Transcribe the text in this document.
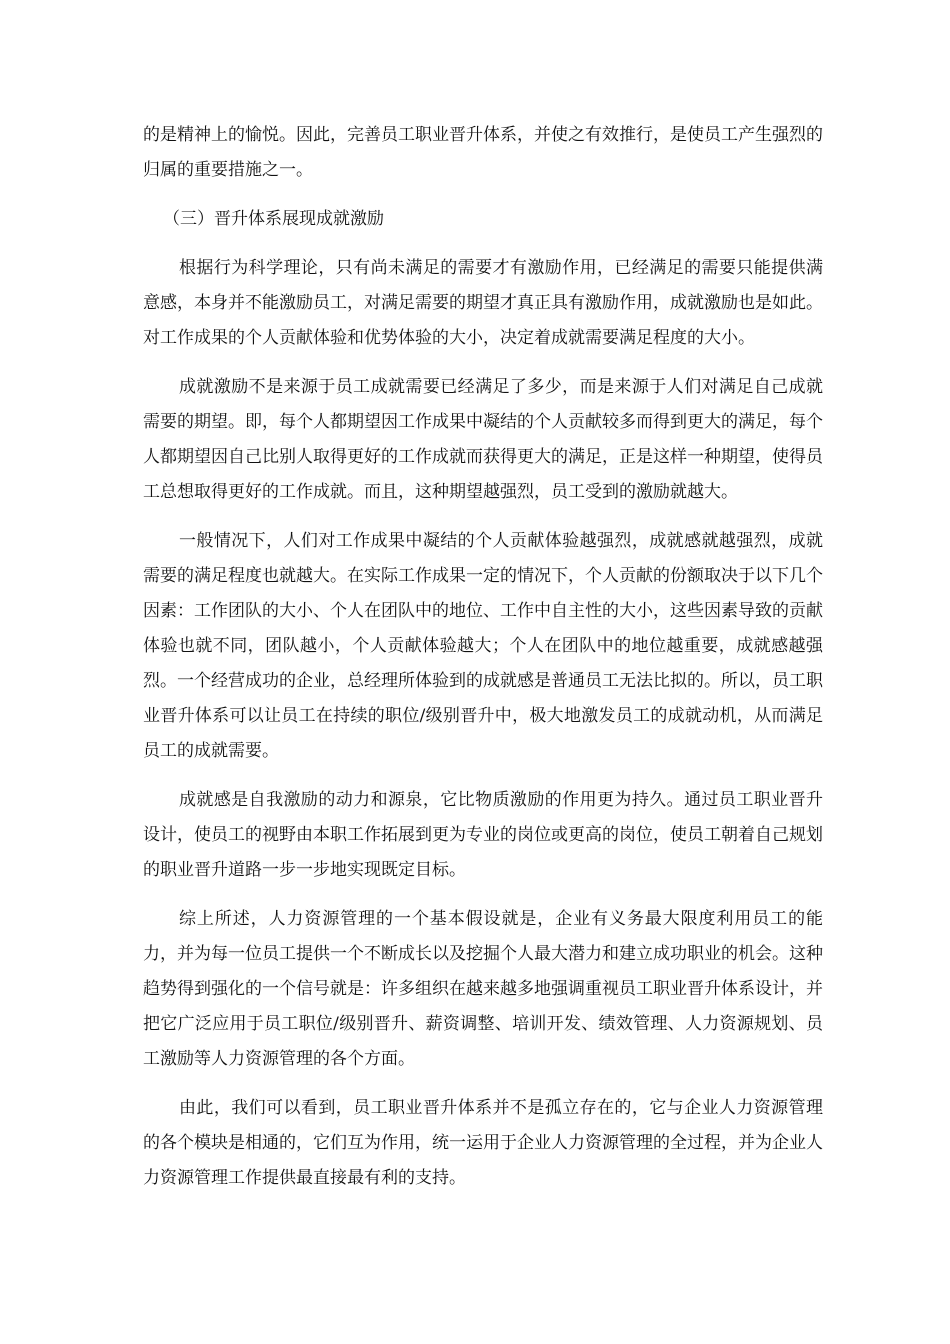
的是精神上的愉悦。因此，完善员工职业晋升体系，并使之有效推行，是使员工产生强烈的归属的重要措施之一。

（三）晋升体系展现成就激励

根据行为科学理论，只有尚未满足的需要才有激励作用，已经满足的需要只能提供满意感，本身并不能激励员工，对满足需要的期望才真正具有激励作用，成就激励也是如此。对工作成果的个人贡献体验和优势体验的大小，决定着成就需要满足程度的大小。

成就激励不是来源于员工成就需要已经满足了多少，而是来源于人们对满足自己成就需要的期望。即，每个人都期望因工作成果中凝结的个人贡献较多而得到更大的满足，每个人都期望因自己比别人取得更好的工作成就而获得更大的满足，正是这样一种期望，使得员工总想取得更好的工作成就。而且，这种期望越强烈，员工受到的激励就越大。

一般情况下，人们对工作成果中凝结的个人贡献体验越强烈，成就感就越强烈，成就需要的满足程度也就越大。在实际工作成果一定的情况下，个人贡献的份额取决于以下几个因素：工作团队的大小、个人在团队中的地位、工作中自主性的大小，这些因素导致的贡献体验也就不同，团队越小，个人贡献体验越大；个人在团队中的地位越重要，成就感越强烈。一个经营成功的企业，总经理所体验到的成就感是普通员工无法比拟的。所以，员工职业晋升体系可以让员工在持续的职位/级别晋升中，极大地激发员工的成就动机，从而满足员工的成就需要。

成就感是自我激励的动力和源泉，它比物质激励的作用更为持久。通过员工职业晋升设计，使员工的视野由本职工作拓展到更为专业的岗位或更高的岗位，使员工朝着自己规划的职业晋升道路一步一步地实现既定目标。

综上所述，人力资源管理的一个基本假设就是，企业有义务最大限度利用员工的能力，并为每一位员工提供一个不断成长以及挖掘个人最大潜力和建立成功职业的机会。这种趋势得到强化的一个信号就是：许多组织在越来越多地强调重视员工职业晋升体系设计，并把它广泛应用于员工职位/级别晋升、薪资调整、培训开发、绩效管理、人力资源规划、员工激励等人力资源管理的各个方面。

由此，我们可以看到，员工职业晋升体系并不是孤立存在的，它与企业人力资源管理的各个模块是相通的，它们互为作用，统一运用于企业人力资源管理的全过程，并为企业人力资源管理工作提供最直接最有利的支持。
